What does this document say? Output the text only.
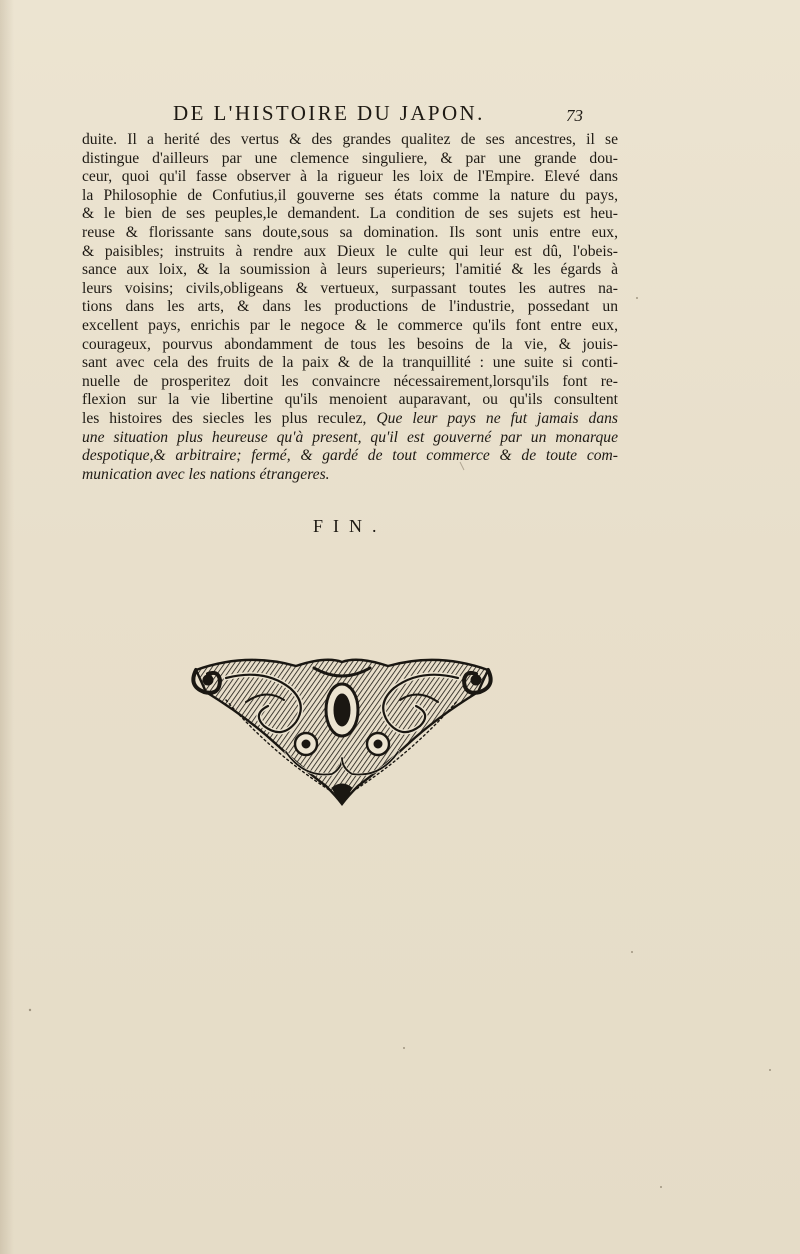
DE L'HISTOIRE DU JAPON.	73
duite. Il a herité des vertus & des grandes qualitez de ses ancestres, il se
distingue d'ailleurs par une clemence singuliere, & par une grande dou-
ceur, quoi qu'il fasse observer à la rigueur les loix de l'Empire. Elevé dans
la Philosophie de Confutius,il gouverne ses états comme la nature du pays,
& le bien de ses peuples,le demandent. La condition de ses sujets est heu-
reuse & florissante sans doute,sous sa domination. Ils sont unis entre eux,
& paisibles; instruits à rendre aux Dieux le culte qui leur est dû, l'obeis-
sance aux loix, & la soumission à leurs superieurs; l'amitié & les égards à
leurs voisins; civils,obligeans & vertueux, surpassant toutes les autres na-
tions dans les arts, & dans les productions de l'industrie, possedant un
excellent pays, enrichis par le negoce & le commerce qu'ils font entre eux,
courageux, pourvus abondamment de tous les besoins de la vie, & jouis-
sant avec cela des fruits de la paix & de la tranquillité : une suite si conti-
nuelle de prosperitez doit les convaincre nécessairement,lorsqu'ils font re-
flexion sur la vie libertine qu'ils menoient auparavant, ou qu'ils consultent
les histoires des siecles les plus reculez, Que leur pays ne fut jamais dans
une situation plus heureuse qu'à present, qu'il est gouverné par un monarque
despotique,& arbitraire; fermé, & gardé de tout commerce & de toute com-
munication avec les nations étrangeres.
FIN.
